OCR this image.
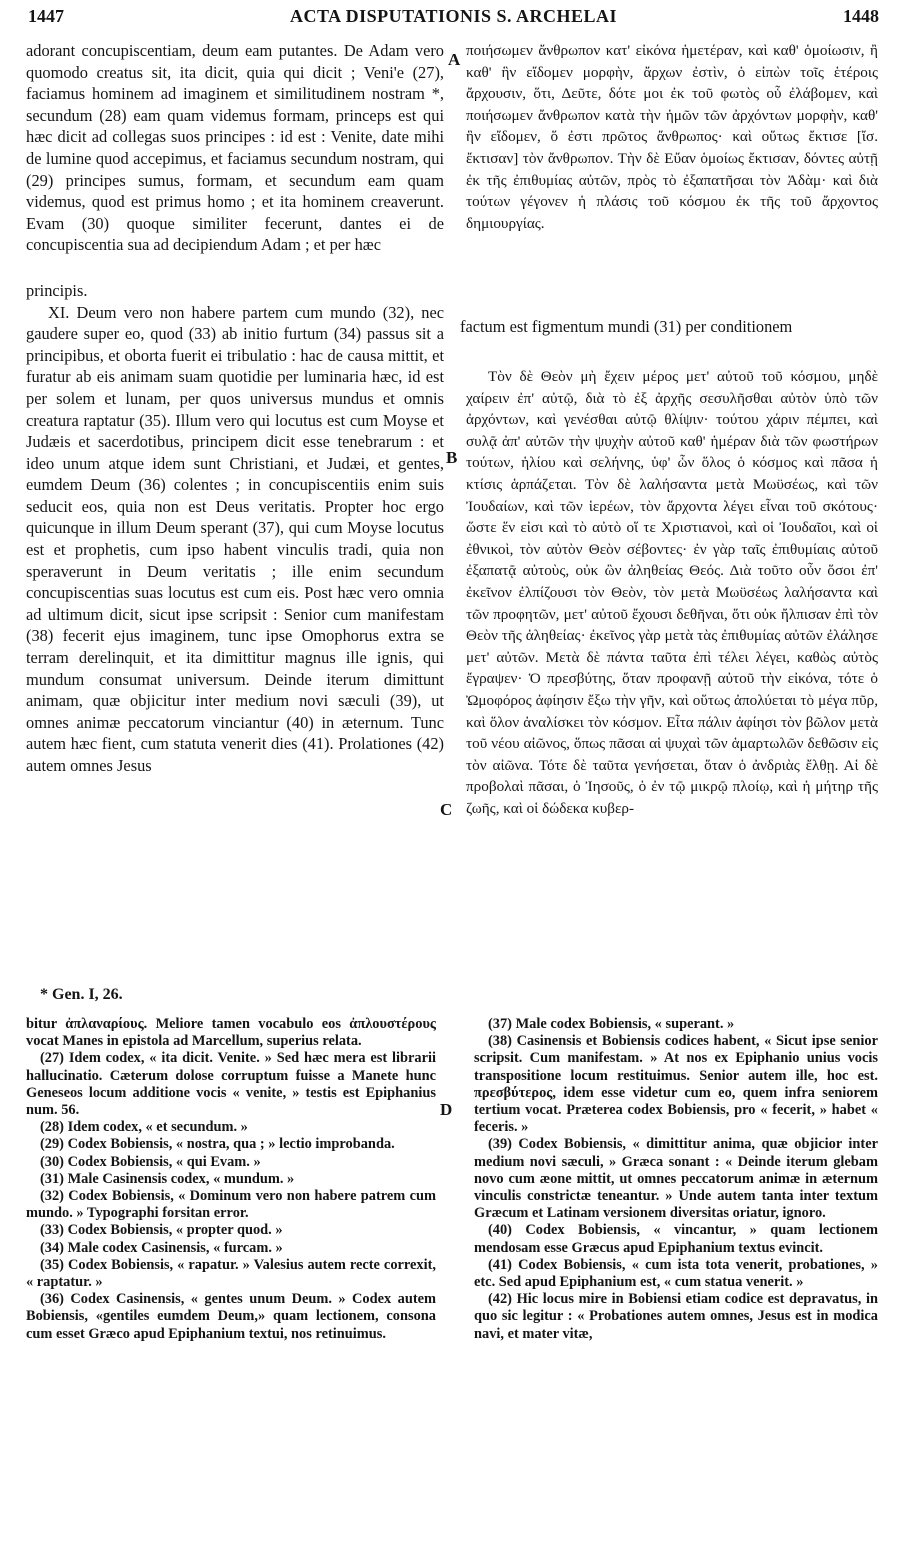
1447	ACTA DISPUTATIONIS S. ARCHELAI	1448

adorant concupiscentiam, deum eam putantes. De Adam vero quomodo creatus sit, ita dicit, quia qui dicit ; Veni'e (27), faciamus hominem ad imaginem et similitudinem nostram *, secundum (28) eam quam videmus formam, princeps est qui hæc dicit ad collegas suos principes : id est : Venite, date mihi de lumine quod accepimus, et faciamus secundum nostram, qui (29) principes sumus, formam, et secundum eam quam videmus, quod est primus homo ; et ita hominem creaverunt. Evam (30) quoque similiter fecerunt, dantes ei de concupiscentia sua ad decipiendum Adam ; et per hæc

principis.

XI. Deum vero non habere partem cum mundo (32), nec gaudere super eo, quod (33) ab initio furtum (34) passus sit a principibus, et oborta fuerit ei tribulatio : hac de causa mittit, et furatur ab eis animam suam quotidie per luminaria hæc, id est per solem et lunam, per quos universus mundus et omnis creatura raptatur (35). Illum vero qui locutus est cum Moyse et Judæis et sacerdotibus, principem dicit esse tenebrarum : et ideo unum atque idem sunt Christiani, et Judæi, et gentes, eumdem Deum (36) colentes ; in concupiscentiis enim suis seducit eos, quia non est Deus veritatis. Propter hoc ergo quicunque in illum Deum sperant (37), qui cum Moyse locutus est et prophetis, cum ipso habent vinculis tradi, quia non speraverunt in Deum veritatis ; ille enim secundum concupiscentias suas locutus est cum eis. Post hæc vero omnia ad ultimum dicit, sicut ipse scripsit : Senior cum manifestam (38) fecerit ejus imaginem, tunc ipse Omophorus extra se terram derelinquit, et ita dimittitur magnus ille ignis, qui mundum consumat universum. Deinde iterum dimittunt animam, quæ objicitur inter medium novi sæculi (39), ut omnes animæ peccatorum vinciantur (40) in æternum. Tunc autem hæc fient, cum statuta venerit dies (41). Prolationes (42) autem omnes Jesus

factum est figmentum mundi (31) per conditionem

ποιήσωμεν ἄνθρωπον κατ' εἰκόνα ἡμετέραν, καὶ καθ' ὁμοίωσιν, ἢ καθ' ἣν εἴδομεν μορφὴν, ἄρχων ἐστὶν, ὁ εἰπὼν τοῖς ἑτέροις ἄρχουσιν, ὅτι, Δεῦτε, δότε μοι ἐκ τοῦ φωτὸς οὗ ἐλάβομεν, καὶ ποιήσωμεν ἄνθρωπον κατὰ τὴν ἡμῶν τῶν ἀρχόντων μορφὴν, καθ' ἣν εἴδομεν, ὅ ἐστι πρῶτος ἄνθρωπος· καὶ οὕτως ἔκτισε [ἴσ. ἔκτισαν] τὸν ἄνθρωπον. Τὴν δὲ Εὔαν ὁμοίως ἔκτισαν, δόντες αὐτῇ ἐκ τῆς ἐπιθυμίας αὐτῶν, πρὸς τὸ ἐξαπατῆσαι τὸν Ἀδὰμ· καὶ διὰ τούτων γέγονεν ἡ πλάσις τοῦ κόσμου ἐκ τῆς τοῦ ἄρχοντος δημιουργίας.

Τὸν δὲ Θεὸν μὴ ἔχειν μέρος μετ' αὐτοῦ τοῦ κόσμου, μηδὲ χαίρειν ἐπ' αὐτῷ, διὰ τὸ ἐξ ἀρχῆς σεσυλῆσθαι αὐτὸν ὑπὸ τῶν ἀρχόντων, καὶ γενέσθαι αὐτῷ θλίψιν· τούτου χάριν πέμπει, καὶ συλᾷ ἀπ' αὐτῶν τὴν ψυχὴν αὐτοῦ καθ' ἡμέραν διὰ τῶν φωστήρων τούτων, ἡλίου καὶ σελήνης, ὑφ' ὧν ὅλος ὁ κόσμος καὶ πᾶσα ἡ κτίσις ἁρπάζεται. Τὸν δὲ λαλήσαντα μετὰ Μωϋσέως, καὶ τῶν Ἰουδαίων, καὶ τῶν ἱερέων, τὸν ἄρχοντα λέγει εἶναι τοῦ σκότους· ὥστε ἕν εἰσι καὶ τὸ αὐτὸ οἵ τε Χριστιανοὶ, καὶ οἱ Ἰουδαῖοι, καὶ οἱ ἐθνικοὶ, τὸν αὐτὸν Θεὸν σέβοντες· ἐν γὰρ ταῖς ἐπιθυμίαις αὐτοῦ ἐξαπατᾷ αὐτοὺς, οὐκ ὢν ἀληθείας Θεός. Διὰ τοῦτο οὖν ὅσοι ἐπ' ἐκεῖνον ἐλπίζουσι τὸν Θεὸν, τὸν μετὰ Μωϋσέως λαλήσαντα καὶ τῶν προφητῶν, μετ' αὐτοῦ ἔχουσι δεθῆναι, ὅτι οὐκ ἤλπισαν ἐπὶ τὸν Θεὸν τῆς ἀληθείας· ἐκεῖνος γὰρ μετὰ τὰς ἐπιθυμίας αὐτῶν ἐλάλησε μετ' αὐτῶν. Μετὰ δὲ πάντα ταῦτα ἐπὶ τέλει λέγει, καθὼς αὐτὸς ἔγραψεν· Ὁ πρεσβύτης, ὅταν προφανῇ αὐτοῦ τὴν εἰκόνα, τότε ὁ Ὠμοφόρος ἀφίησιν ἔξω τὴν γῆν, καὶ οὕτως ἀπολύεται τὸ μέγα πῦρ, καὶ ὅλον ἀναλίσκει τὸν κόσμον. Εἶτα πάλιν ἀφίησι τὸν βῶλον μετὰ τοῦ νέου αἰῶνος, ὅπως πᾶσαι αἱ ψυχαὶ τῶν ἁμαρτωλῶν δεθῶσιν εἰς τὸν αἰῶνα. Τότε δὲ ταῦτα γενήσεται, ὅταν ὁ ἀνδριὰς ἔλθῃ. Αἱ δὲ προβολαὶ πᾶσαι, ὁ Ἰησοῦς, ὁ ἐν τῷ μικρῷ πλοίῳ, καὶ ἡ μήτηρ τῆς ζωῆς, καὶ οἱ δώδεκα κυβερ-

A
B
C
D
* Gen. I, 26.

bitur ἀπλαναρίους. Meliore tamen vocabulo eos ἀπλουστέρους vocat Manes in epistola ad Marcellum, superius relata.

(27) Idem codex, « ita dicit. Venite. » Sed hæc mera est librarii hallucinatio. Cæterum dolose corruptum fuisse a Manete hunc Geneseos locum additione vocis « venite, » testis est Epiphanius num. 56.

(28) Idem codex, « et secundum. »

(29) Codex Bobiensis, « nostra, qua ; » lectio improbanda.

(30) Codex Bobiensis, « qui Evam. »

(31) Male Casinensis codex, « mundum. »

(32) Codex Bobiensis, « Dominum vero non habere patrem cum mundo. » Typographi forsitan error.

(33) Codex Bobiensis, « propter quod. »

(34) Male codex Casinensis, « furcam. »

(35) Codex Bobiensis, « rapatur. » Valesius autem recte correxit, « raptatur. »

(36) Codex Casinensis, « gentes unum Deum. » Codex autem Bobiensis, «gentiles eumdem Deum,» quam lectionem, consona cum esset Græco apud Epiphanium textui, nos retinuimus.

(37) Male codex Bobiensis, « superant. »

(38) Casinensis et Bobiensis codices habent, « Sicut ipse senior scripsit. Cum manifestam. » At nos ex Epiphanio unius vocis transpositione locum restituimus. Senior autem ille, hoc est. πρεσβύτερος, idem esse videtur cum eo, quem infra seniorem tertium vocat. Præterea codex Bobiensis, pro « fecerit, » habet « feceris. »

(39) Codex Bobiensis, « dimittitur anima, quæ objicior inter medium novi sæculi, » Græca sonant : « Deinde iterum glebam novo cum æone mittit, ut omnes peccatorum animæ in æternum vinculis constrictæ teneantur. » Unde autem tanta inter textum Græcum et Latinam versionem diversitas oriatur, ignoro.

(40) Codex Bobiensis, « vincantur, » quam lectionem mendosam esse Græcus apud Epiphanium textus evincit.

(41) Codex Bobiensis, « cum ista tota venerit, probationes, » etc. Sed apud Epiphanium est, « cum statua venerit. »

(42) Hic locus mire in Bobiensi etiam codice est depravatus, in quo sic legitur : « Probationes autem omnes, Jesus est in modica navi, et mater vitæ,
